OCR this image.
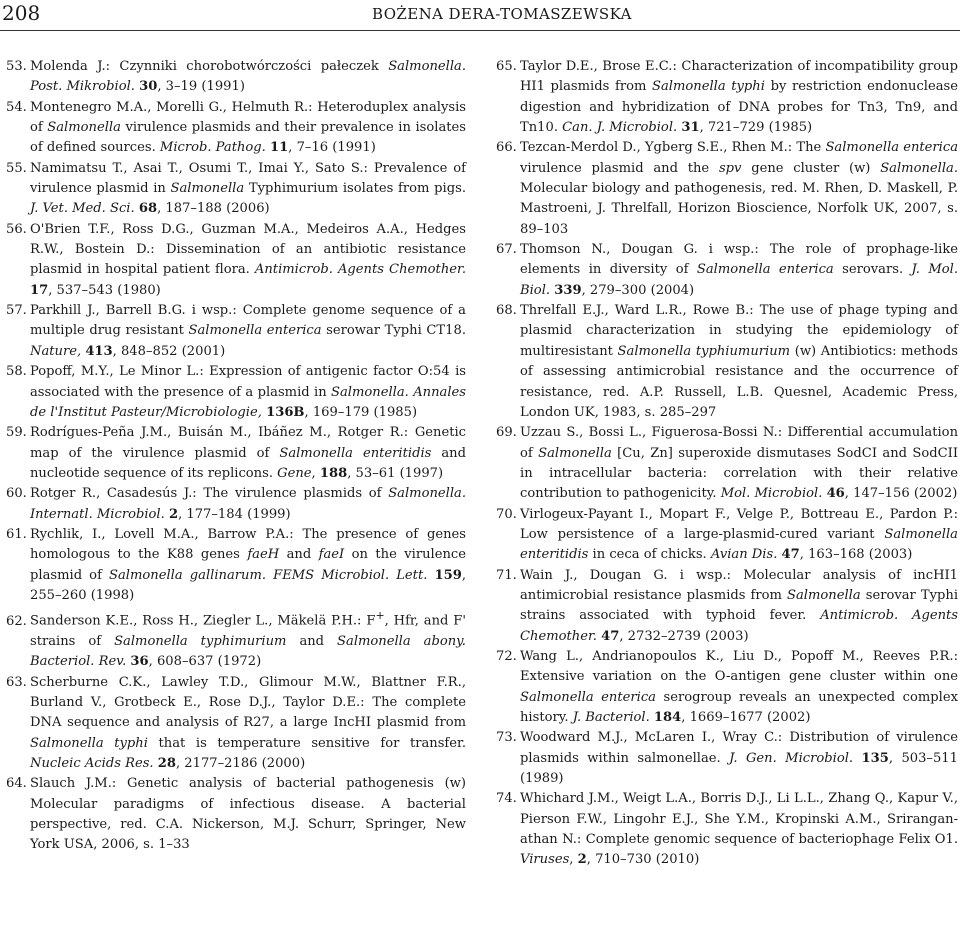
208	BOŻENA DERA-TOMASZEWSKA

53. Molenda J.: Czynniki chorobotwórczości pałeczek Salmonella. Post. Mikrobiol. 30, 3–19 (1991)

54. Montenegro M.A., Morelli G., Helmuth R.: Heteroduplex analysis of Salmonella virulence plasmids and their prevalence in isolates of defined sources. Microb. Pathog. 11, 7–16 (1991)

55. Namimatsu T., Asai T., Osumi T., Imai Y., Sato S.: Prevalence of virulence plasmid in Salmonella Typhimurium isolates from pigs. J. Vet. Med. Sci. 68, 187–188 (2006)

56. O'Brien T.F., Ross D.G., Guzman M.A., Medeiros A.A., Hedges R.W., Bostein D.: Dissemination of an antibiotic resistance plasmid in hospital patient flora. Antimicrob. Agents Chemother. 17, 537–543 (1980)

57. Parkhill J., Barrell B.G. i wsp.: Complete genome sequence of a multiple drug resistant Salmonella enterica serowar Typhi CT18. Nature, 413, 848–852 (2001)

58. Popoff, M.Y., Le Minor L.: Expression of antigenic factor O:54 is associated with the presence of a plasmid in Salmonella. Annales de l'Institut Pasteur/Microbiologie, 136B, 169–179 (1985)

59. Rodrígues-Peña J.M., Buisán M., Ibáñez M., Rotger R.: Genetic map of the virulence plasmid of Salmonella enteritidis and nucleotide sequence of its replicons. Gene, 188, 53–61 (1997)

60. Rotger R., Casadesús J.: The virulence plasmids of Salmonella. Internatl. Microbiol. 2, 177–184 (1999)

61. Rychlik, I., Lovell M.A., Barrow P.A.: The presence of genes homologous to the K88 genes faeH and faeI on the virulence plasmid of Salmonella gallinarum. FEMS Microbiol. Lett. 159, 255–260 (1998)

62. Sanderson K.E., Ross H., Ziegler L., Mäkelä P.H.: F+, Hfr, and F' strains of Salmonella typhimurium and Salmonella abony. Bacteriol. Rev. 36, 608–637 (1972)

63. Scherburne C.K., Lawley T.D., Glimour M.W., Blattner F.R., Burland V., Grotbeck E., Rose D.J., Taylor D.E.: The complete DNA sequence and analysis of R27, a large IncHI plasmid from Salmonella typhi that is temperature sensitive for transfer. Nucleic Acids Res. 28, 2177–2186 (2000)

64. Slauch J.M.: Genetic analysis of bacterial pathogenesis (w) Molecular paradigms of infectious disease. A bacterial perspective, red. C.A. Nickerson, M.J. Schurr, Springer, New York USA, 2006, s. 1–33

65. Taylor D.E., Brose E.C.: Characterization of incompatibility group HI1 plasmids from Salmonella typhi by restriction endonuclease digestion and hybridization of DNA probes for Tn3, Tn9, and Tn10. Can. J. Microbiol. 31, 721–729 (1985)

66. Tezcan-Merdol D., Ygberg S.E., Rhen M.: The Salmonella enterica virulence plasmid and the spv gene cluster (w) Salmonella. Molecular biology and pathogenesis, red. M. Rhen, D. Maskell, P. Mastroeni, J. Threlfall, Horizon Bioscience, Norfolk UK, 2007, s. 89–103

67. Thomson N., Dougan G. i wsp.: The role of prophage-like elements in diversity of Salmonella enterica serovars. J. Mol. Biol. 339, 279–300 (2004)

68. Threlfall E.J., Ward L.R., Rowe B.: The use of phage typing and plasmid characterization in studying the epidemiology of multiresistant Salmonella typhiumurium (w) Antibiotics: methods of assessing antimicrobial resistance and the occurrence of resistance, red. A.P. Russell, L.B. Quesnel, Academic Press, London UK, 1983, s. 285–297

69. Uzzau S., Bossi L., Figuerosa-Bossi N.: Differential accumulation of Salmonella [Cu, Zn] superoxide dismutases SodCI and SodCII in intracellular bacteria: correlation with their relative contribution to pathogenicity. Mol. Microbiol. 46, 147–156 (2002)

70. Virlogeux-Payant I., Mopart F., Velge P., Bottreau E., Pardon P.: Low persistence of a large-plasmid-cured variant Salmonella enteritidis in ceca of chicks. Avian Dis. 47, 163–168 (2003)

71. Wain J., Dougan G. i wsp.: Molecular analysis of incHI1 antimicrobial resistance plasmids from Salmonella serovar Typhi strains associated with typhoid fever. Antimicrob. Agents Chemother. 47, 2732–2739 (2003)

72. Wang L., Andrianopoulos K., Liu D., Popoff M., Reeves P.R.: Extensive variation on the O-antigen gene cluster within one Salmonella enterica serogroup reveals an unexpected complex history. J. Bacteriol. 184, 1669–1677 (2002)

73. Woodward M.J., McLaren I., Wray C.: Distribution of virulence plasmids within salmonellae. J. Gen. Microbiol. 135, 503–511 (1989)

74. Whichard J.M., Weigt L.A., Borris D.J., Li L.L., Zhang Q., Kapur V., Pierson F.W., Lingohr E.J., She Y.M., Kropinski A.M., Sriranganathan N.: Complete genomic sequence of bacteriophage Felix O1. Viruses, 2, 710–730 (2010)
